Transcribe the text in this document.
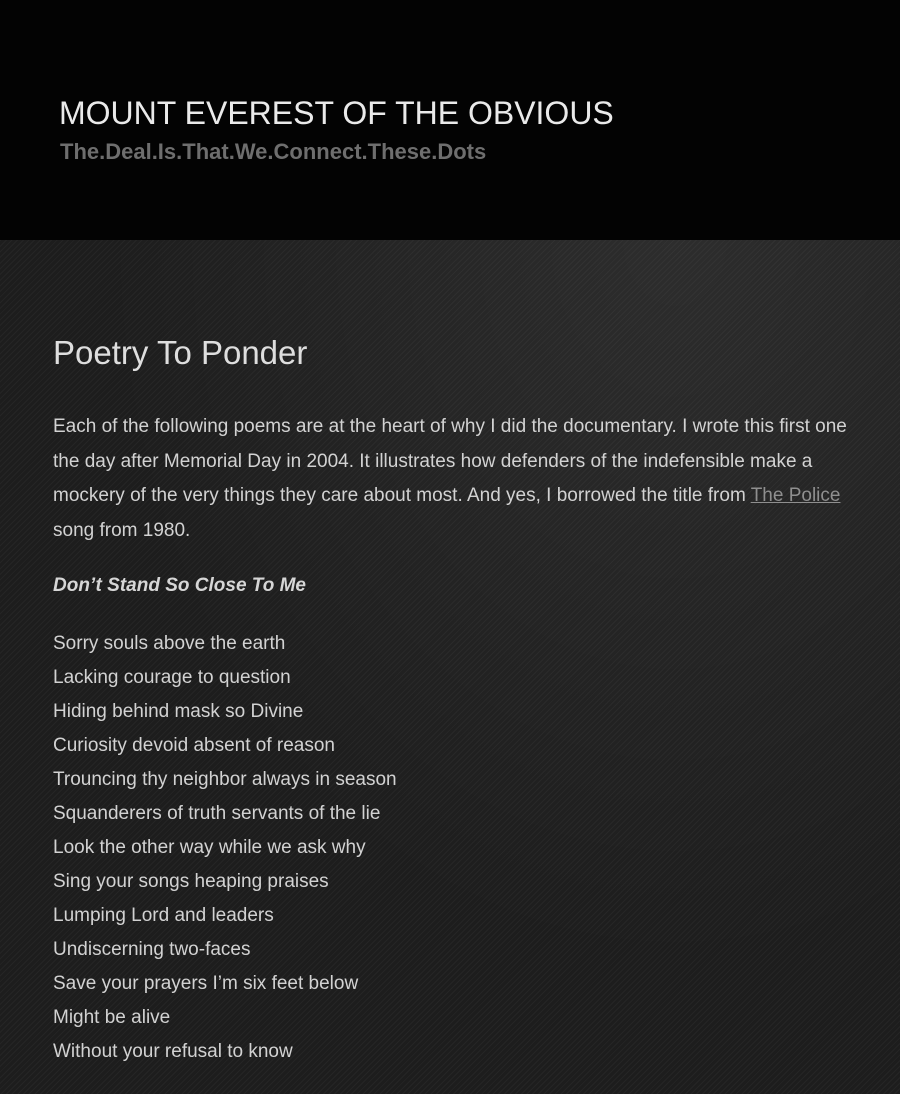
MOUNT EVEREST OF THE OBVIOUS

The.Deal.Is.That.We.Connect.These.Dots

Poetry To Ponder

Each of the following poems are at the heart of why I did the documentary. I wrote this first one the day after Memorial Day in 2004. It illustrates how defenders of the indefensible make a mockery of the very things they care about most. And yes, I borrowed the title from The Police song from 1980.

Don’t Stand So Close To Me

Sorry souls above the earth
Lacking courage to question
Hiding behind mask so Divine
Curiosity devoid absent of reason
Trouncing thy neighbor always in season
Squanderers of truth servants of the lie
Look the other way while we ask why
Sing your songs heaping praises
Lumping Lord and leaders
Undiscerning two-faces
Save your prayers I’m six feet below
Might be alive
Without your refusal to know
